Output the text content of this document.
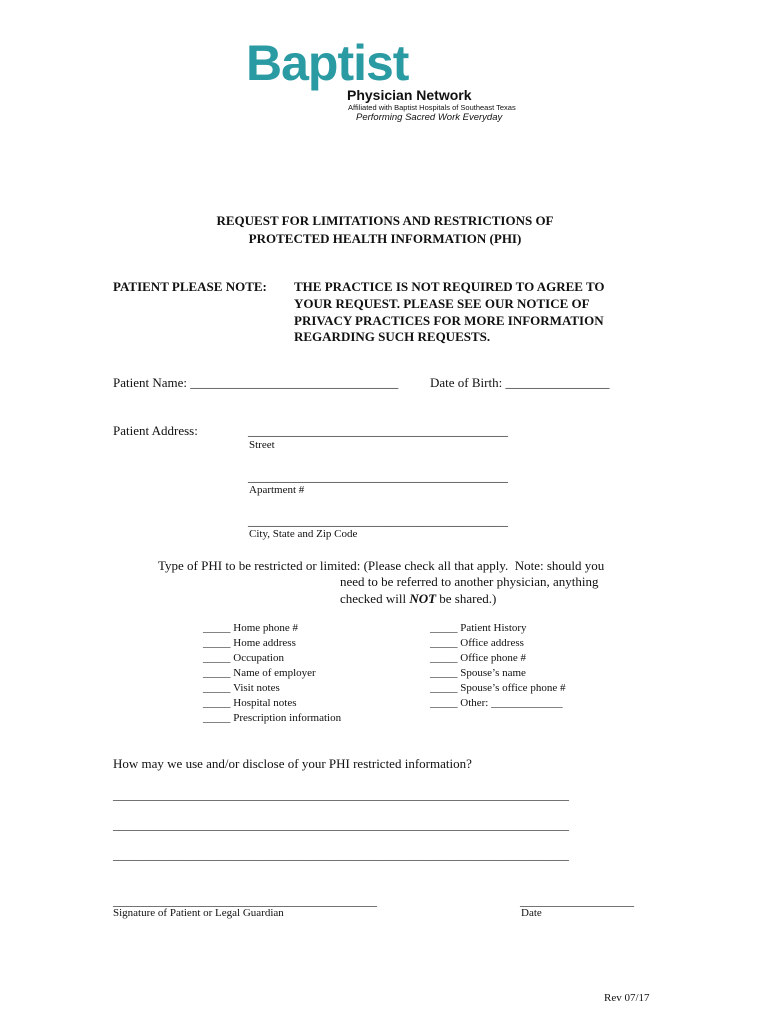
Baptist
Physician Network
Affiliated with Baptist Hospitals of Southeast Texas
Performing Sacred Work Everyday
REQUEST FOR LIMITATIONS AND RESTRICTIONS OF
PROTECTED HEALTH INFORMATION (PHI)
PATIENT PLEASE NOTE: THE PRACTICE IS NOT REQUIRED TO AGREE TO
YOUR REQUEST. PLEASE SEE OUR NOTICE OF
PRIVACY PRACTICES FOR MORE INFORMATION
REGARDING SUCH REQUESTS.
Patient Name: ________________________________ Date of Birth: ________________
Patient Address:	________________________________________
Street
________________________________________
Apartment #
________________________________________
City, State and Zip Code
Type of PHI to be restricted or limited: (Please check all that apply.  Note: should you
need to be referred to another physician, anything
checked will NOT be shared.)
_____ Home phone #
_____ Home address
_____ Occupation
_____ Name of employer
_____ Visit notes
_____ Hospital notes
_____ Prescription information
_____ Patient History
_____ Office address
_____ Office phone #
_____ Spouse’s name
_____ Spouse’s office phone #
_____ Other: _____________
How may we use and/or disclose of your PHI restricted information?
____________________________________________________________________________
____________________________________________________________________________
____________________________________________________________________________
____________________________________________
Signature of Patient or Legal Guardian
___________________
Date
Rev 07/17
